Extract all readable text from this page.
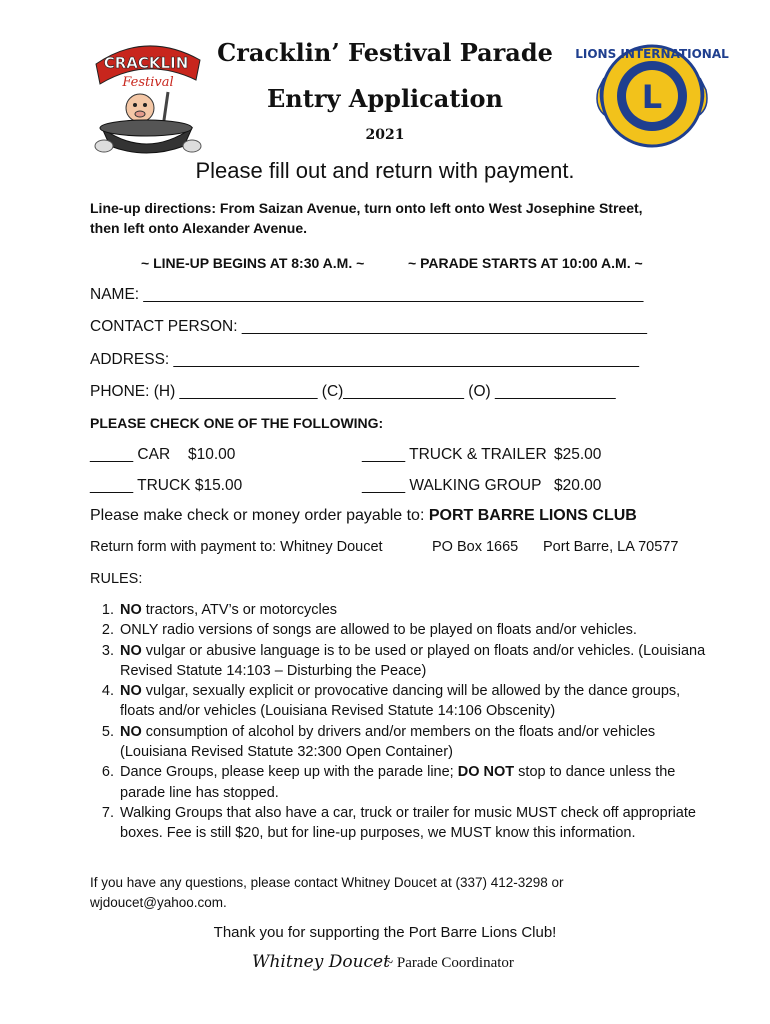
CRACKLIN
Festival
Cracklin’ Festival Parade
Entry Application
2021
L
LIONS INTERNATIONAL
Please fill out and return with payment.
Line-up directions: From Saizan Avenue, turn onto left onto West Josephine Street,
then left onto Alexander Avenue.
~ LINE-UP BEGINS AT 8:30 A.M. ~	~ PARADE STARTS AT 10:00 A.M. ~
NAME: __________________________________________________________
CONTACT PERSON: _______________________________________________
ADDRESS: ______________________________________________________
PHONE: (H) ________________ (C)______________ (O) ______________
PLEASE CHECK ONE OF THE FOLLOWING:
_____ CAR $10.00	_____ TRUCK & TRAILER $25.00
_____ TRUCK $15.00	_____ WALKING GROUP $20.00
Please make check or money order payable to: PORT BARRE LIONS CLUB
Return form with payment to: Whitney Doucet	PO Box 1665 Port Barre, LA 70577
RULES:
1. NO tractors, ATV’s or motorcycles
2. ONLY radio versions of songs are allowed to be played on floats and/or vehicles.
3. NO vulgar or abusive language is to be used or played on floats and/or vehicles. (Louisiana Revised Statute 14:103 – Disturbing the Peace)
4. NO vulgar, sexually explicit or provocative dancing will be allowed by the dance groups, floats and/or vehicles (Louisiana Revised Statute 14:106 Obscenity)
5. NO consumption of alcohol by drivers and/or members on the floats and/or vehicles (Louisiana Revised Statute 32:300 Open Container)
6. Dance Groups, please keep up with the parade line; DO NOT stop to dance unless the parade line has stopped.
7. Walking Groups that also have a car, truck or trailer for music MUST check off appropriate boxes. Fee is still $20, but for line-up purposes, we MUST know this information.
If you have any questions, please contact Whitney Doucet at (337) 412-3298 or
wjdoucet@yahoo.com.
Thank you for supporting the Port Barre Lions Club!
Whitney Doucet
~ Parade Coordinator
